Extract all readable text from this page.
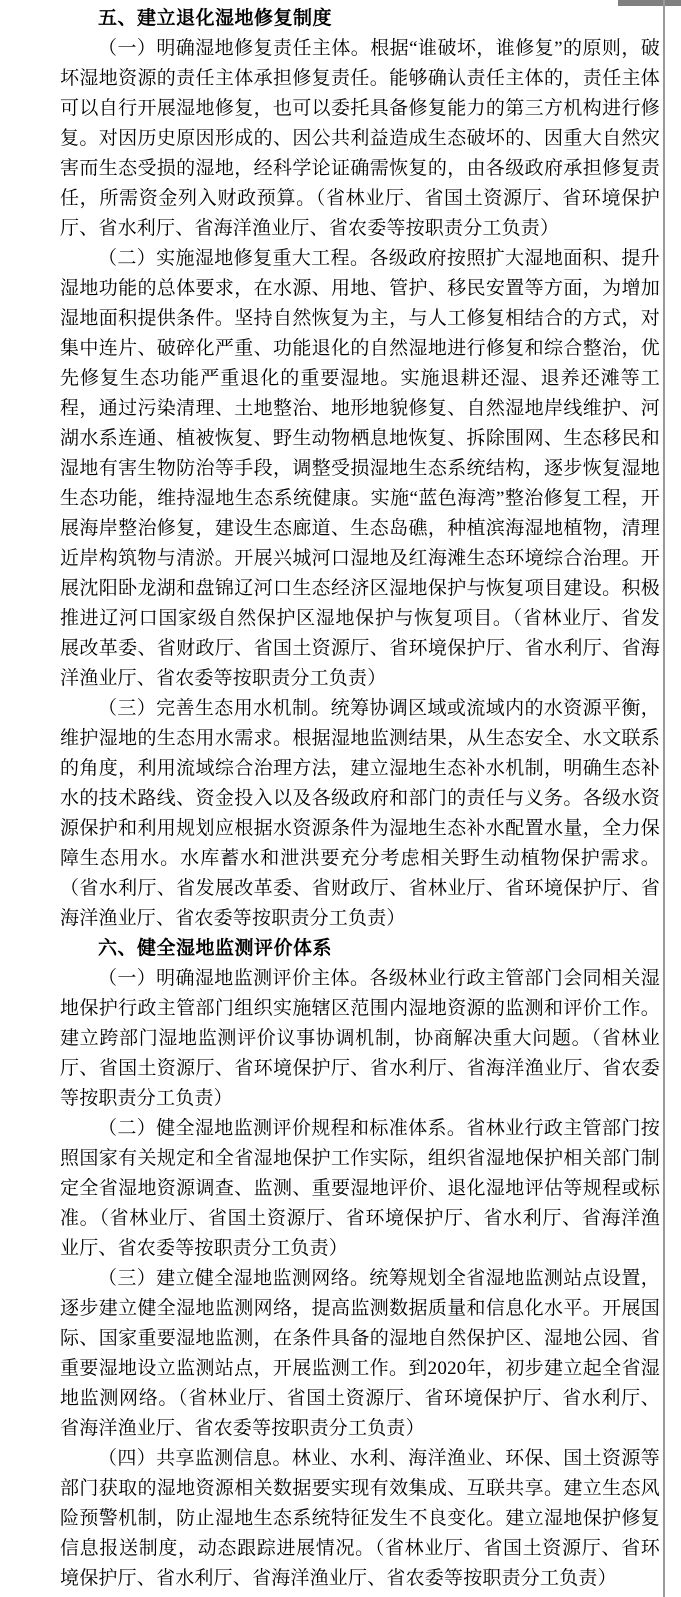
五、建立退化湿地修复制度

（一）明确湿地修复责任主体。根据“谁破坏，谁修复”的原则，破坏湿地资源的责任主体承担修复责任。能够确认责任主体的，责任主体可以自行开展湿地修复，也可以委托具备修复能力的第三方机构进行修复。对因历史原因形成的、因公共利益造成生态破坏的、因重大自然灾害而生态受损的湿地，经科学论证确需恢复的，由各级政府承担修复责任，所需资金列入财政预算。（省林业厅、省国土资源厅、省环境保护厅、省水利厅、省海洋渔业厅、省农委等按职责分工负责）

（二）实施湿地修复重大工程。各级政府按照扩大湿地面积、提升湿地功能的总体要求，在水源、用地、管护、移民安置等方面，为增加湿地面积提供条件。坚持自然恢复为主，与人工修复相结合的方式，对集中连片、破碎化严重、功能退化的自然湿地进行修复和综合整治，优先修复生态功能严重退化的重要湿地。实施退耕还湿、退养还滩等工程，通过污染清理、土地整治、地形地貌修复、自然湿地岸线维护、河湖水系连通、植被恢复、野生动物栖息地恢复、拆除围网、生态移民和湿地有害生物防治等手段，调整受损湿地生态系统结构，逐步恢复湿地生态功能，维持湿地生态系统健康。实施“蓝色海湾”整治修复工程，开展海岸整治修复，建设生态廊道、生态岛礁，种植滨海湿地植物，清理近岸构筑物与清淤。开展兴城河口湿地及红海滩生态环境综合治理。开展沈阳卧龙湖和盘锦辽河口生态经济区湿地保护与恢复项目建设。积极推进辽河口国家级自然保护区湿地保护与恢复项目。（省林业厅、省发展改革委、省财政厅、省国土资源厅、省环境保护厅、省水利厅、省海洋渔业厅、省农委等按职责分工负责）

（三）完善生态用水机制。统筹协调区域或流域内的水资源平衡，维护湿地的生态用水需求。根据湿地监测结果，从生态安全、水文联系的角度，利用流域综合治理方法，建立湿地生态补水机制，明确生态补水的技术路线、资金投入以及各级政府和部门的责任与义务。各级水资源保护和利用规划应根据水资源条件为湿地生态补水配置水量，全力保障生态用水。水库蓄水和泄洪要充分考虑相关野生动植物保护需求。（省水利厅、省发展改革委、省财政厅、省林业厅、省环境保护厅、省海洋渔业厅、省农委等按职责分工负责）

六、健全湿地监测评价体系

（一）明确湿地监测评价主体。各级林业行政主管部门会同相关湿地保护行政主管部门组织实施辖区范围内湿地资源的监测和评价工作。建立跨部门湿地监测评价议事协调机制，协商解决重大问题。（省林业厅、省国土资源厅、省环境保护厅、省水利厅、省海洋渔业厅、省农委等按职责分工负责）

（二）健全湿地监测评价规程和标准体系。省林业行政主管部门按照国家有关规定和全省湿地保护工作实际，组织省湿地保护相关部门制定全省湿地资源调查、监测、重要湿地评价、退化湿地评估等规程或标准。（省林业厅、省国土资源厅、省环境保护厅、省水利厅、省海洋渔业厅、省农委等按职责分工负责）

（三）建立健全湿地监测网络。统筹规划全省湿地监测站点设置，逐步建立健全湿地监测网络，提高监测数据质量和信息化水平。开展国际、国家重要湿地监测，在条件具备的湿地自然保护区、湿地公园、省重要湿地设立监测站点，开展监测工作。到2020年，初步建立起全省湿地监测网络。（省林业厅、省国土资源厅、省环境保护厅、省水利厅、省海洋渔业厅、省农委等按职责分工负责）

（四）共享监测信息。林业、水利、海洋渔业、环保、国土资源等部门获取的湿地资源相关数据要实现有效集成、互联共享。建立生态风险预警机制，防止湿地生态系统特征发生不良变化。建立湿地保护修复信息报送制度，动态跟踪进展情况。（省林业厅、省国土资源厅、省环境保护厅、省水利厅、省海洋渔业厅、省农委等按职责分工负责）
